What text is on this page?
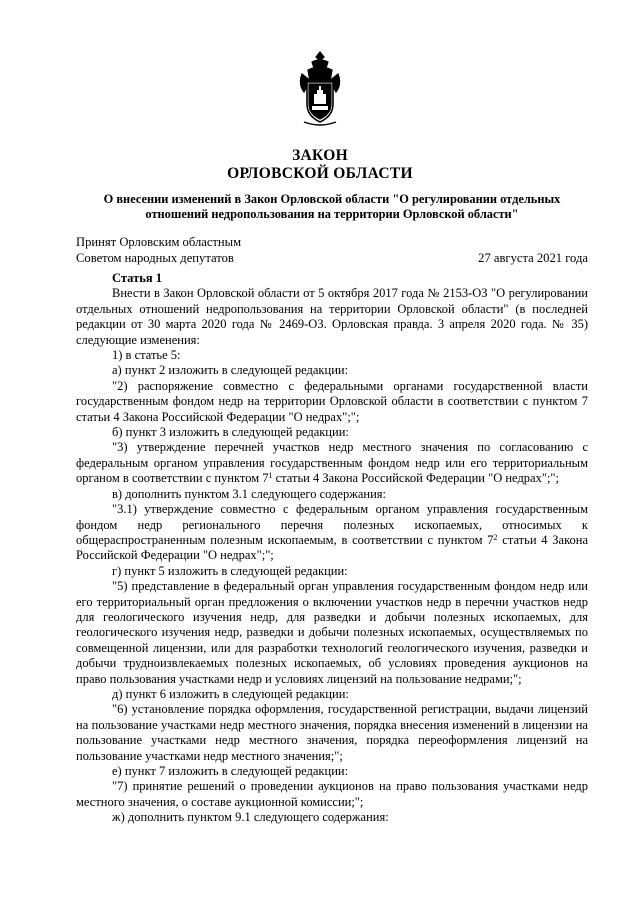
ЗАКОН
ОРЛОВСКОЙ ОБЛАСТИ
О внесении изменений в Закон Орловской области "О регулировании отдельных
отношений недропользования на территории Орловской области"
Принят Орловским областным
Советом народных депутатов	27 августа 2021 года

Статья 1

Внести в Закон Орловской области от 5 октября 2017 года № 2153-ОЗ "О регулировании отдельных отношений недропользования на территории Орловской области" (в последней редакции от 30 марта 2020 года № 2469-ОЗ. Орловская правда. 3 апреля 2020 года. № 35) следующие изменения:

1) в статье 5:

а) пункт 2 изложить в следующей редакции:

"2) распоряжение совместно с федеральными органами государственной власти государственным фондом недр на территории Орловской области в соответствии с пунктом 7 статьи 4 Закона Российской Федерации "О недрах";";

б) пункт 3 изложить в следующей редакции:

"3) утверждение перечней участков недр местного значения по согласованию с федеральным органом управления государственным фондом недр или его территориальным органом в соответствии с пунктом $7^1$ статьи 4 Закона Российской Федерации "О недрах";";

в) дополнить пунктом 3.1 следующего содержания:

"3.1) утверждение совместно с федеральным органом управления государственным фондом недр регионального перечня полезных ископаемых, относимых к общераспространенным полезным ископаемым, в соответствии с пунктом $7^2$ статьи 4 Закона Российской Федерации "О недрах";";

г) пункт 5 изложить в следующей редакции:

"5) представление в федеральный орган управления государственным фондом недр или его территориальный орган предложения о включении участков недр в перечни участков недр для геологического изучения недр, для разведки и добычи полезных ископаемых, для геологического изучения недр, разведки и добычи полезных ископаемых, осуществляемых по совмещенной лицензии, или для разработки технологий геологического изучения, разведки и добычи трудноизвлекаемых полезных ископаемых, об условиях проведения аукционов на право пользования участками недр и условиях лицензий на пользование недрами;";

д) пункт 6 изложить в следующей редакции:

"6) установление порядка оформления, государственной регистрации, выдачи лицензий на пользование участками недр местного значения, порядка внесения изменений в лицензии на пользование участками недр местного значения, порядка переоформления лицензий на пользование участками недр местного значения;";

е) пункт 7 изложить в следующей редакции:

"7) принятие решений о проведении аукционов на право пользования участками недр местного значения, о составе аукционной комиссии;";

ж) дополнить пунктом 9.1 следующего содержания:
